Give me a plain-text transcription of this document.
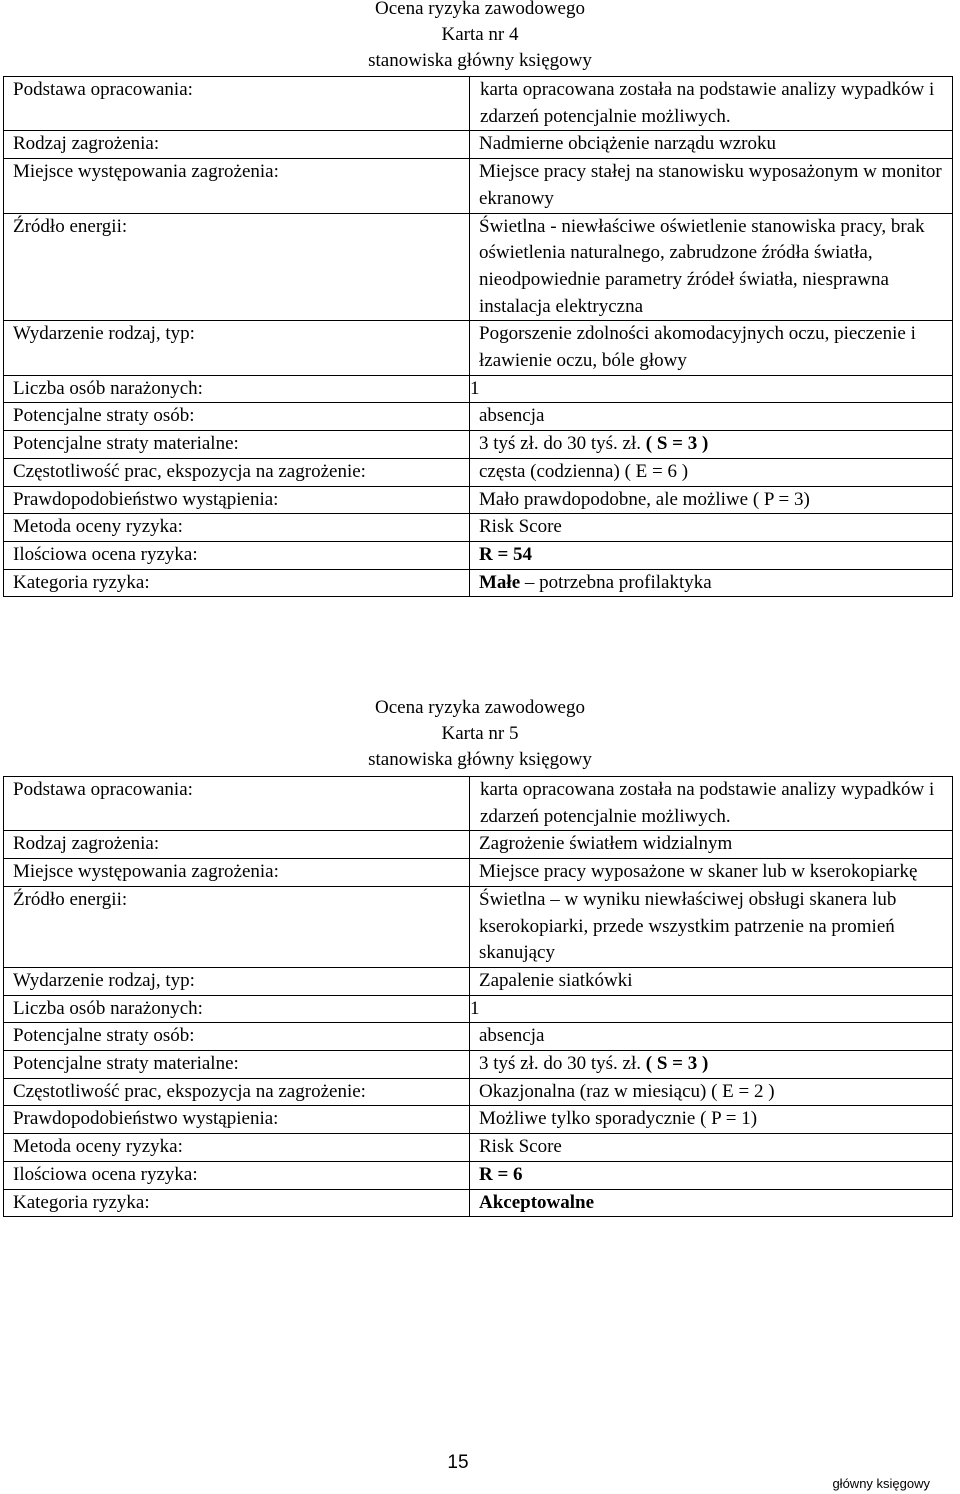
Ocena ryzyka zawodowego
Karta nr 4
stanowiska główny księgowy
Podstawa opracowania:	karta opracowana została na podstawie analizy wypadków i zdarzeń potencjalnie możliwych.
Rodzaj zagrożenia:	Nadmierne obciążenie narządu wzroku
Miejsce występowania zagrożenia:	Miejsce pracy stałej na stanowisku wyposażonym w monitor ekranowy
Źródło energii:	Świetlna - niewłaściwe oświetlenie stanowiska pracy, brak oświetlenia naturalnego, zabrudzone źródła światła, nieodpowiednie parametry źródeł światła, niesprawna instalacja elektryczna
Wydarzenie rodzaj, typ:	Pogorszenie zdolności akomodacyjnych oczu, pieczenie i łzawienie oczu, bóle głowy
Liczba osób narażonych:	1
Potencjalne straty osób:	absencja
Potencjalne straty materialne:	3 tyś zł. do 30 tyś. zł. ( S = 3 )
Częstotliwość prac, ekspozycja na zagrożenie:	częsta (codzienna) ( E = 6 )
Prawdopodobieństwo wystąpienia:	Mało prawdopodobne, ale możliwe ( P = 3)
Metoda oceny ryzyka:	Risk Score
Ilościowa ocena ryzyka:	R = 54
Kategoria ryzyka:	Małe – potrzebna profilaktyka
Ocena ryzyka zawodowego
Karta nr 5
stanowiska główny księgowy
Podstawa opracowania:	karta opracowana została na podstawie analizy wypadków i zdarzeń potencjalnie możliwych.
Rodzaj zagrożenia:	Zagrożenie światłem widzialnym
Miejsce występowania zagrożenia:	Miejsce pracy wyposażone w skaner lub w kserokopiarkę
Źródło energii:	Świetlna – w wyniku niewłaściwej obsługi skanera lub kserokopiarki, przede wszystkim patrzenie na promień skanujący
Wydarzenie rodzaj, typ:	Zapalenie siatkówki
Liczba osób narażonych:	1
Potencjalne straty osób:	absencja
Potencjalne straty materialne:	3 tyś zł. do 30 tyś. zł. ( S = 3 )
Częstotliwość prac, ekspozycja na zagrożenie:	Okazjonalna (raz w miesiącu) ( E = 2 )
Prawdopodobieństwo wystąpienia:	Możliwe tylko sporadycznie ( P = 1)
Metoda oceny ryzyka:	Risk Score
Ilościowa ocena ryzyka:	R = 6
Kategoria ryzyka:	Akceptowalne
15
główny księgowy
